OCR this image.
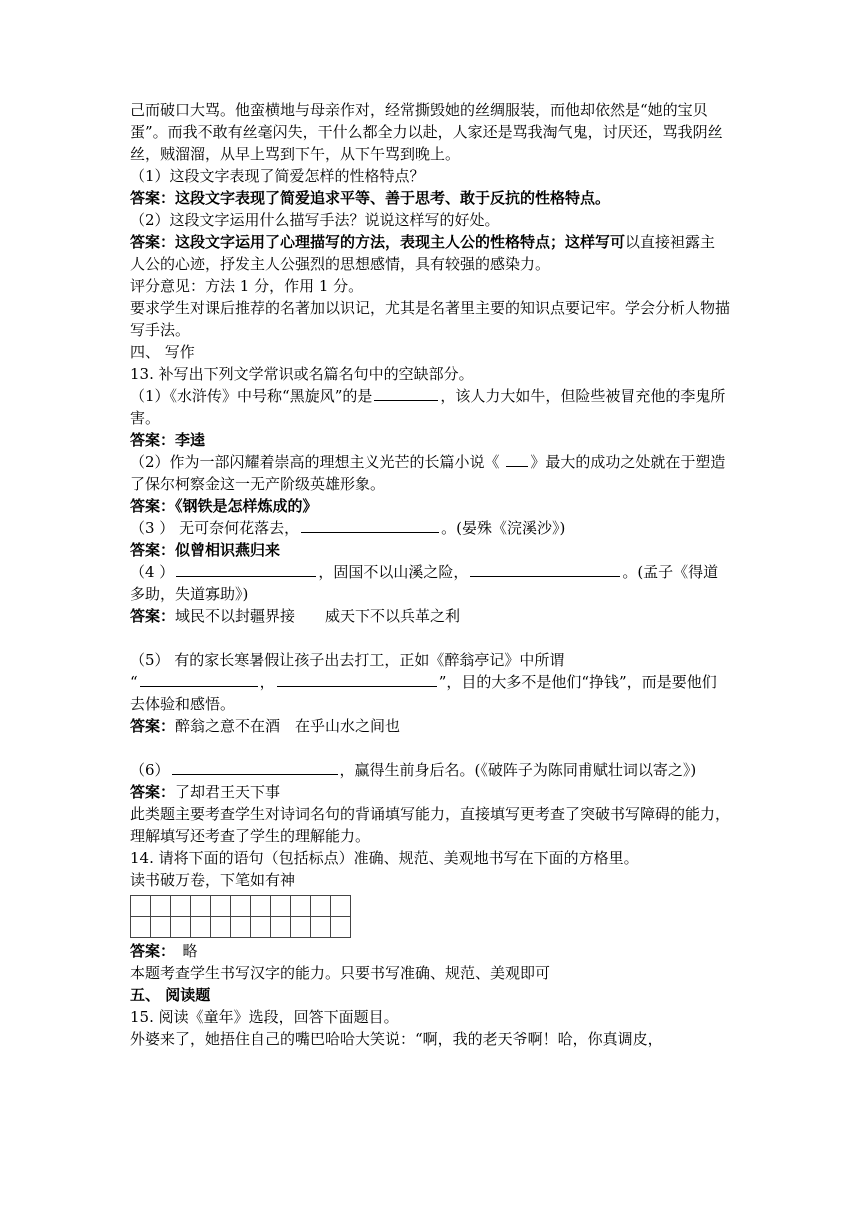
己而破口大骂。他蛮横地与母亲作对，经常撕毁她的丝绸服装，而他却依然是“她的宝贝蛋”。而我不敢有丝毫闪失，干什么都全力以赴，人家还是骂我淘气鬼，讨厌还，骂我阴丝丝，贼溜溜，从早上骂到下午，从下午骂到晚上。

（1）这段文字表现了简爱怎样的性格特点？

答案：这段文字表现了简爱追求平等、善于思考、敢于反抗的性格特点。

（2）这段文字运用什么描写手法？说说这样写的好处。

答案：这段文字运用了心理描写的方法，表现主人公的性格特点；这样写可以直接袒露主人公的心迹，抒发主人公强烈的思想感情，具有较强的感染力。

评分意见：方法 1 分，作用 1 分。

要求学生对课后推荐的名著加以识记，尤其是名著里主要的知识点要记牢。学会分析人物描写手法。

四、 写作

13. 补写出下列文学常识或名篇名句中的空缺部分。

（1）《水浒传》中号称“黑旋风”的是	，该人力大如牛，但险些被冒充他的李鬼所害。

答案：李逵

（2）作为一部闪耀着崇高的理想主义光芒的长篇小说《 》最大的成功之处就在于塑造了保尔柯察金这一无产阶级英雄形象。

答案：《钢铁是怎样炼成的》

（3 ） 无可奈何花落去，	。(晏殊《浣溪沙》)

答案：似曾相识燕归来

（4 ）	，固国不以山溪之险，	。(孟子《得道多助，失道寡助》)

答案：域民不以封疆界接　　威天下不以兵革之利

（5） 有的家长寒暑假让孩子出去打工，正如《醉翁亭记》中所谓
“	，	”，目的大多不是他们“挣钱”，而是要他们去体验和感悟。

答案：醉翁之意不在酒　在乎山水之间也

（6）	，赢得生前身后名。(《破阵子为陈同甫赋壮词以寄之》)

答案：了却君王天下事

此类题主要考查学生对诗词名句的背诵填写能力，直接填写更考查了突破书写障碍的能力，理解填写还考查了学生的理解能力。

14. 请将下面的语句（包括标点）准确、规范、美观地书写在下面的方格里。

读书破万卷，下笔如有神

答案：　略

本题考查学生书写汉字的能力。只要书写准确、规范、美观即可

五、 阅读题

15. 阅读《童年》选段，回答下面题目。

外婆来了，她捂住自己的嘴巴哈哈大笑说：“啊，我的老天爷啊！哈，你真调皮，
